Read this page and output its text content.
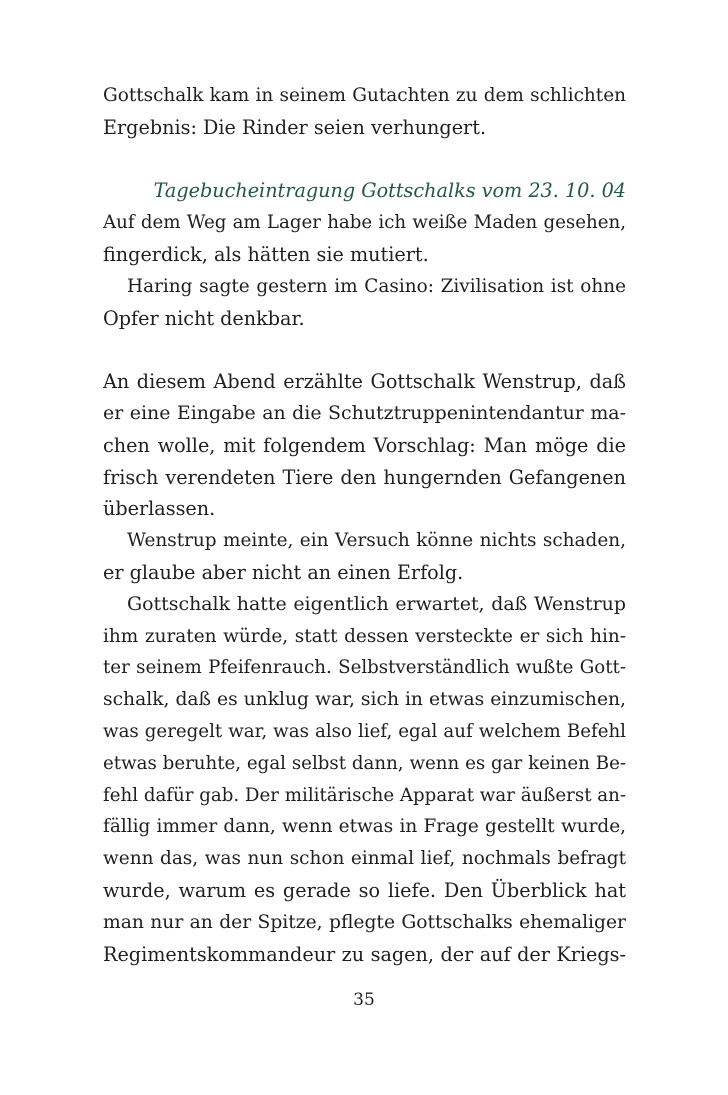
Gottschalk kam in seinem Gutachten zu dem schlichten
Ergebnis: Die Rinder seien verhungert.
Tagebucheintragung Gottschalks vom 23. 10. 04
Auf dem Weg am Lager habe ich weiße Maden gesehen,
fingerdick, als hätten sie mutiert.
Haring sagte gestern im Casino: Zivilisation ist ohne
Opfer nicht denkbar.
An diesem Abend erzählte Gottschalk Wenstrup, daß
er eine Eingabe an die Schutztruppenintendantur ma-
chen wolle, mit folgendem Vorschlag: Man möge die
frisch verendeten Tiere den hungernden Gefangenen
überlassen.
Wenstrup meinte, ein Versuch könne nichts schaden,
er glaube aber nicht an einen Erfolg.
Gottschalk hatte eigentlich erwartet, daß Wenstrup
ihm zuraten würde, statt dessen versteckte er sich hin-
ter seinem Pfeifenrauch. Selbstverständlich wußte Gott-
schalk, daß es unklug war, sich in etwas einzumischen,
was geregelt war, was also lief, egal auf welchem Befehl
etwas beruhte, egal selbst dann, wenn es gar keinen Be-
fehl dafür gab. Der militärische Apparat war äußerst an-
fällig immer dann, wenn etwas in Frage gestellt wurde,
wenn das, was nun schon einmal lief, nochmals befragt
wurde, warum es gerade so liefe. Den Überblick hat
man nur an der Spitze, pflegte Gottschalks ehemaliger
Regimentskommandeur zu sagen, der auf der Kriegs-
35
